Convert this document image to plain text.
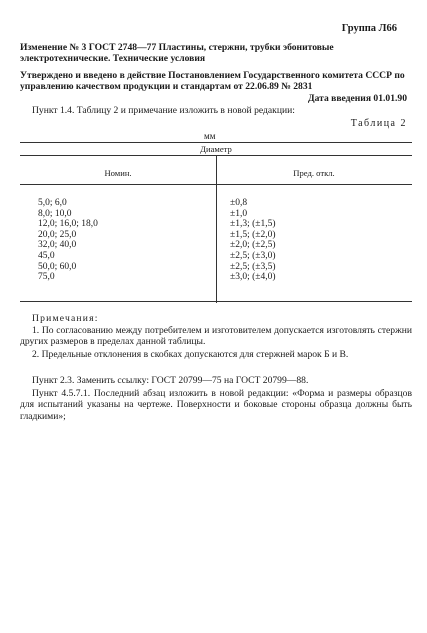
Группа Л66
Изменение № 3 ГОСТ 2748—77 Пластины, стержни, трубки эбонитовые электротехнические. Технические условия
Утверждено и введено в действие Постановлением Государственного комитета СССР по управлению качеством продукции и стандартам от 22.06.89 № 2831
Дата введения 01.01.90
Пункт 1.4. Таблицу 2 и примечание изложить в новой редакции:
Таблица 2
мм
Диаметр
Номин.	Пред. откл.
5,0; 6,0	±0,8
8,0; 10,0	±1,0
12,0; 16,0; 18,0	±1,3; (±1,5)
20,0; 25,0	±1,5; (±2,0)
32,0; 40,0	±2,0; (±2,5)
45,0	±2,5; (±3,0)
50,0; 60,0	±2,5; (±3,5)
75,0	±3,0; (±4,0)
Примечания:
1. По согласованию между потребителем и изготовителем допускается изготовлять стержни других размеров в пределах данной таблицы.
2. Предельные отклонения в скобках допускаются для стержней марок Б и В.
Пункт 2.3. Заменить ссылку: ГОСТ 20799—75 на ГОСТ 20799—88.
Пункт 4.5.7.1. Последний абзац изложить в новой редакции: «Форма и размеры образцов для испытаний указаны на чертеже. Поверхности и боковые стороны образца должны быть гладкими»;
